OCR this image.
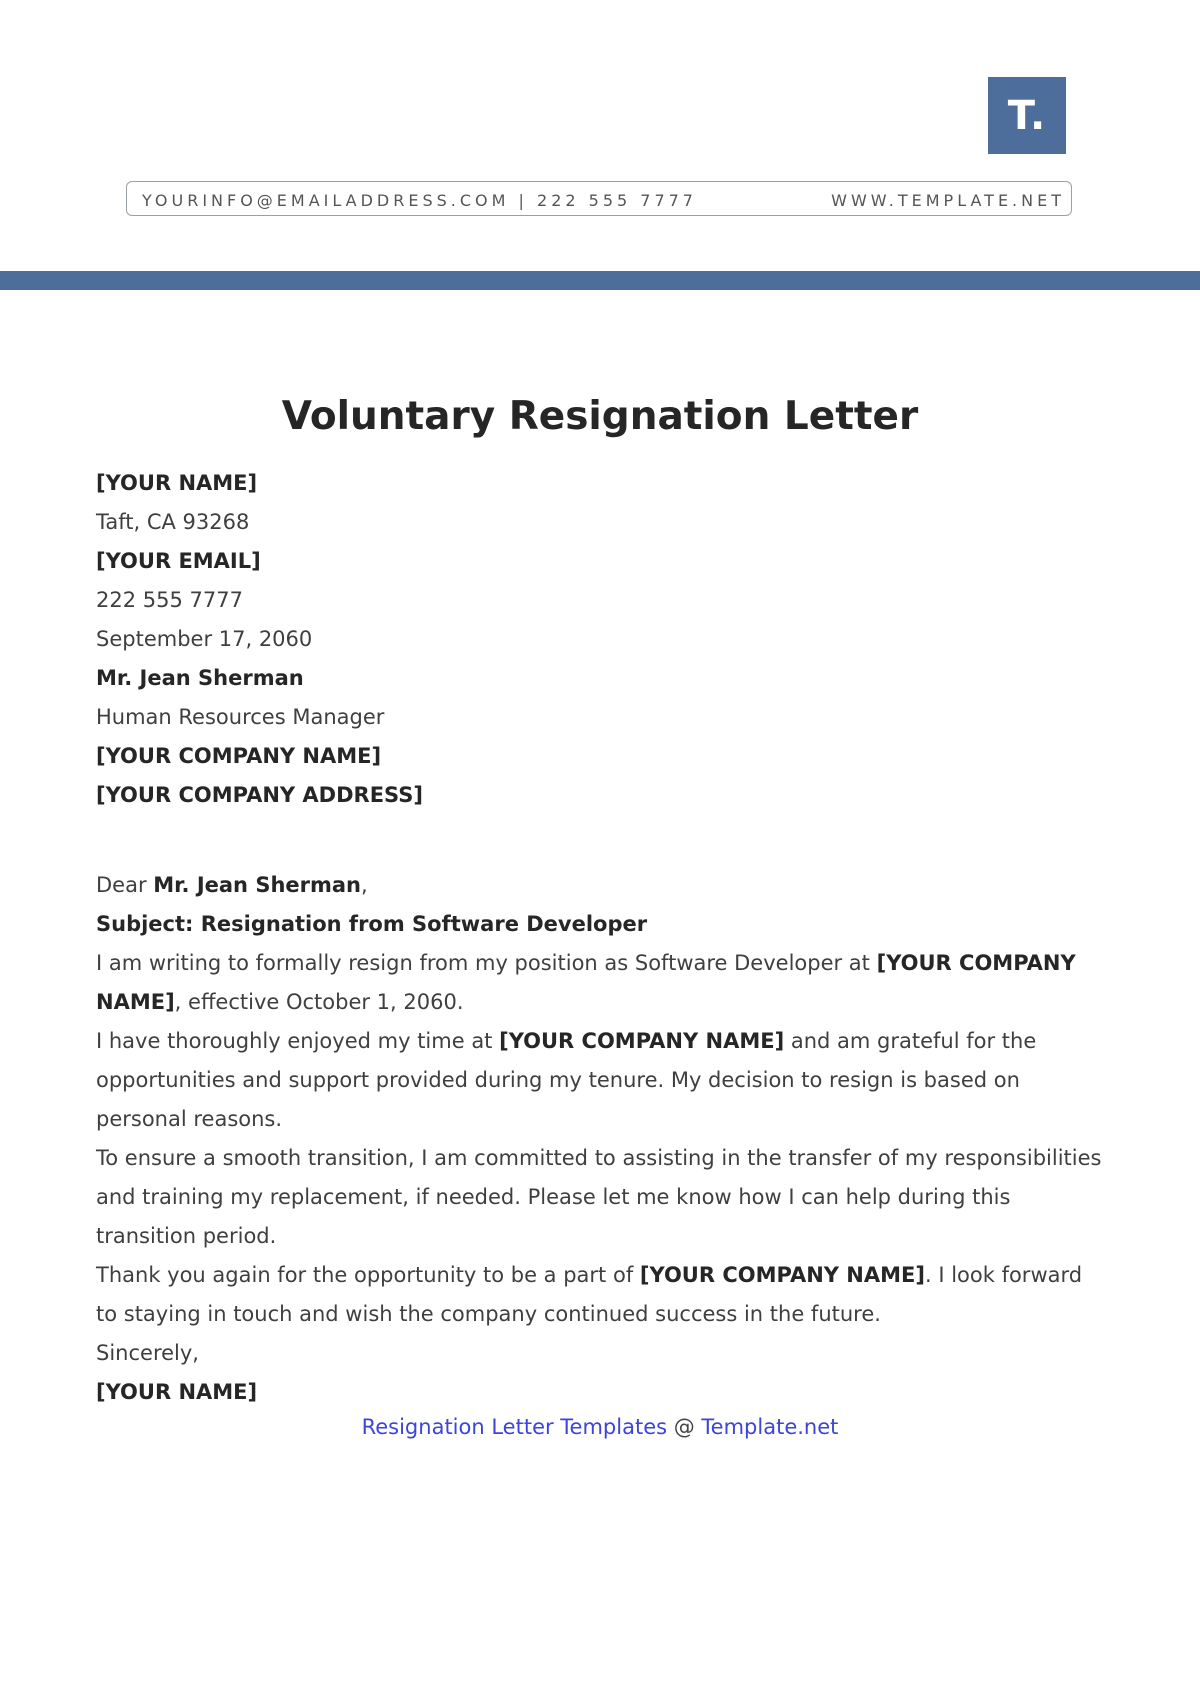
T.
YOURINFO@EMAILADDRESS.COM | 222 555 7777	WWW.TEMPLATE.NET
Voluntary Resignation Letter

[YOUR NAME]

Taft, CA 93268

[YOUR EMAIL]

222 555 7777

September 17, 2060

Mr. Jean Sherman

Human Resources Manager

[YOUR COMPANY NAME]

[YOUR COMPANY ADDRESS]

Dear Mr. Jean Sherman,

Subject: Resignation from Software Developer

I am writing to formally resign from my position as Software Developer at [YOUR COMPANY NAME], effective October 1, 2060.

I have thoroughly enjoyed my time at [YOUR COMPANY NAME] and am grateful for the opportunities and support provided during my tenure. My decision to resign is based on personal reasons.

To ensure a smooth transition, I am committed to assisting in the transfer of my responsibilities and training my replacement, if needed. Please let me know how I can help during this transition period.

Thank you again for the opportunity to be a part of [YOUR COMPANY NAME]. I look forward to staying in touch and wish the company continued success in the future.

Sincerely,

[YOUR NAME]

Resignation Letter Templates @ Template.net
